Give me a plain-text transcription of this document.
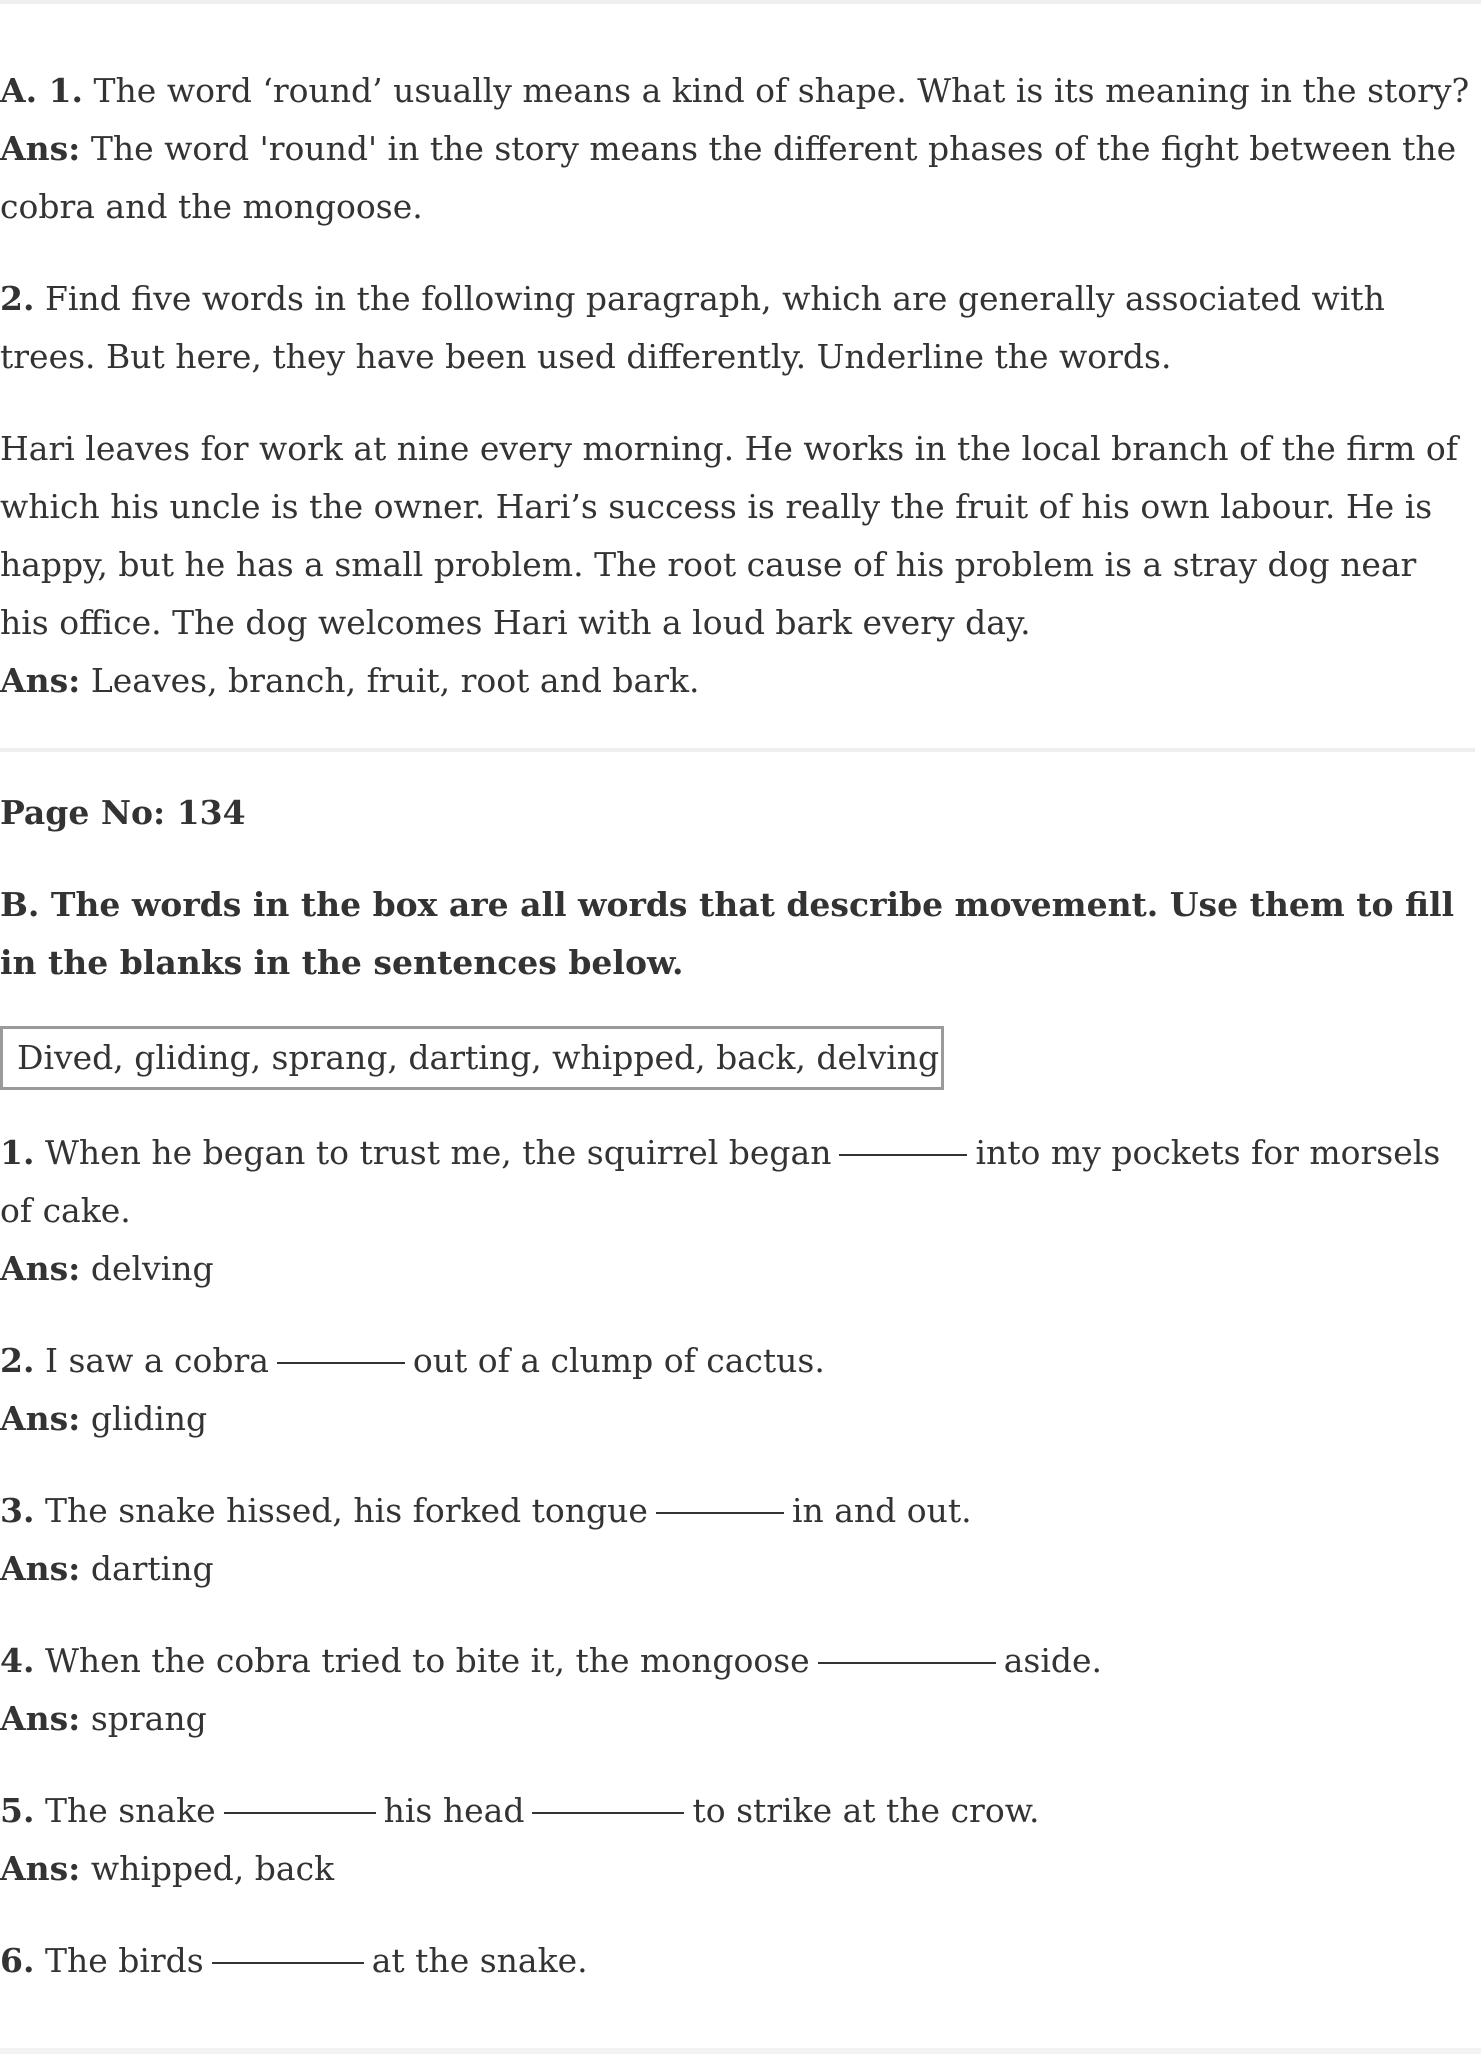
A. 1. The word ‘round’ usually means a kind of shape. What is its meaning in the story?

Ans: The word 'round' in the story means the different phases of the fight between the cobra and the mongoose.

2. Find five words in the following paragraph, which are generally associated with trees. But here, they have been used differently. Underline the words.

Hari leaves for work at nine every morning. He works in the local branch of the firm of which his uncle is the owner. Hari’s success is really the fruit of his own labour. He is happy, but he has a small problem. The root cause of his problem is a stray dog near his office. The dog welcomes Hari with a loud bark every day.

Ans: Leaves, branch, fruit, root and bark.

Page No: 134

B. The words in the box are all words that describe movement. Use them to fill in the blanks in the sentences below.

Dived, gliding, sprang, darting, whipped, back, delving

1. When he began to trust me, the squirrel began	into my pockets for morsels of cake.

Ans: delving

2. I saw a cobra	out of a clump of cactus.

Ans: gliding

3. The snake hissed, his forked tongue	in and out.

Ans: darting

4. When the cobra tried to bite it, the mongoose	aside.

Ans: sprang

5. The snake	his head	to strike at the crow.

Ans: whipped, back

6. The birds	at the snake.
